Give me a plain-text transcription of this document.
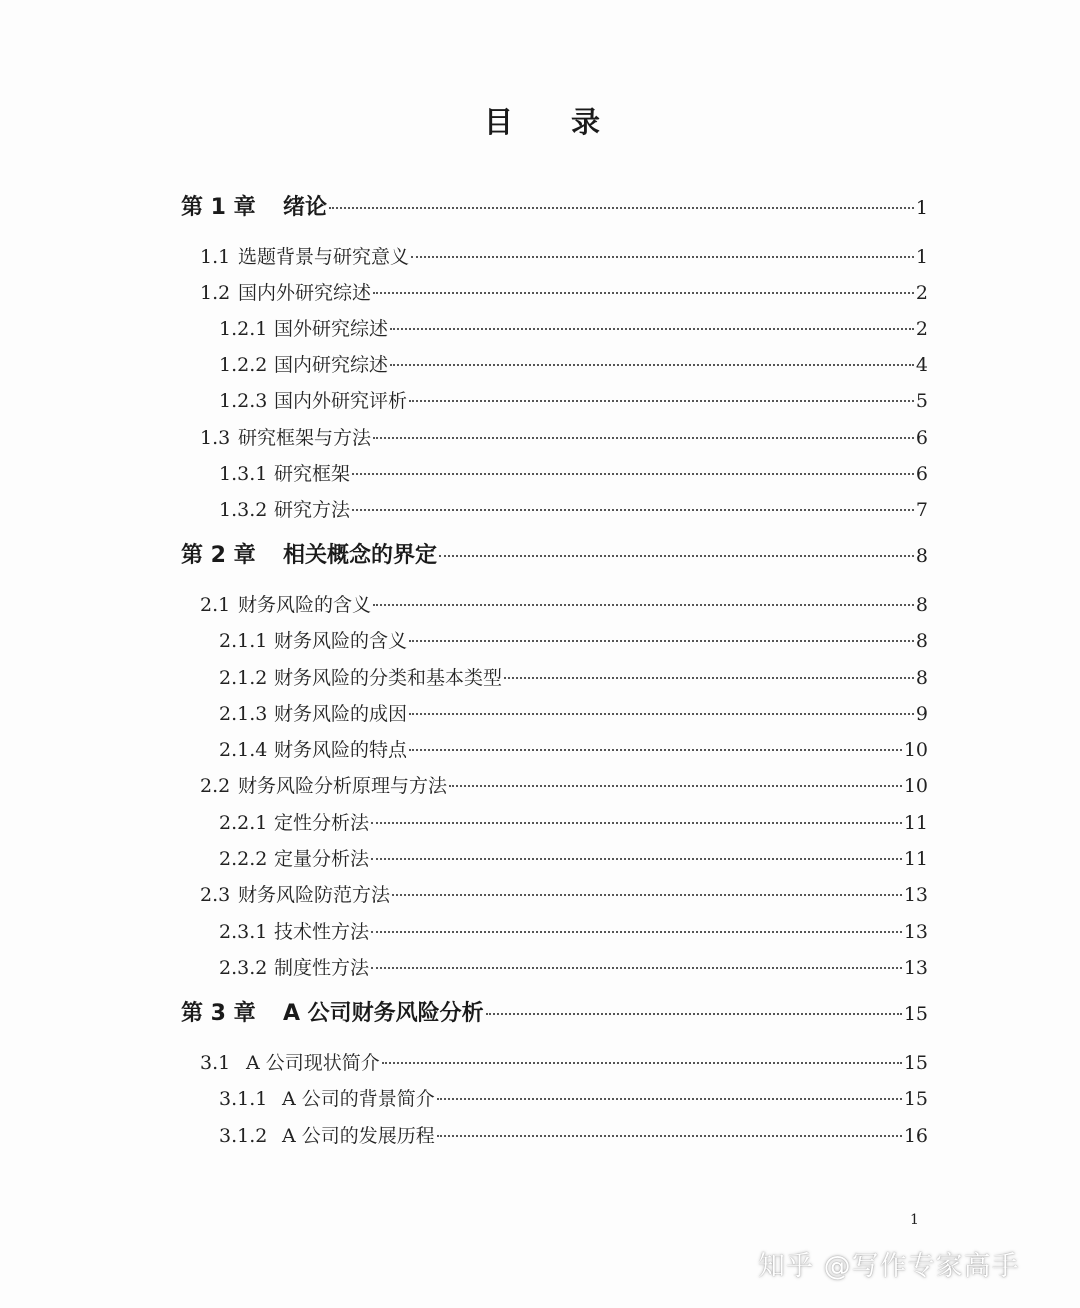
目 录
第 1 章	绪论	1
1.1 选题背景与研究意义	1
1.2 国内外研究综述	2
1.2.1 国外研究综述	2
1.2.2 国内研究综述	4
1.2.3 国内外研究评析	5
1.3 研究框架与方法	6
1.3.1 研究框架	6
1.3.2 研究方法	7
第 2 章	相关概念的界定	8
2.1 财务风险的含义	8
2.1.1 财务风险的含义	8
2.1.2 财务风险的分类和基本类型	8
2.1.3 财务风险的成因	9
2.1.4 财务风险的特点	10
2.2 财务风险分析原理与方法	10
2.2.1 定性分析法	11
2.2.2 定量分析法	11
2.3 财务风险防范方法	13
2.3.1 技术性方法	13
2.3.2 制度性方法	13
第 3 章	A 公司财务风险分析	15
3.1 A 公司现状简介	15
3.1.1 A 公司的背景简介	15
3.1.2 A 公司的发展历程	16
1
知乎 @写作专家高手
